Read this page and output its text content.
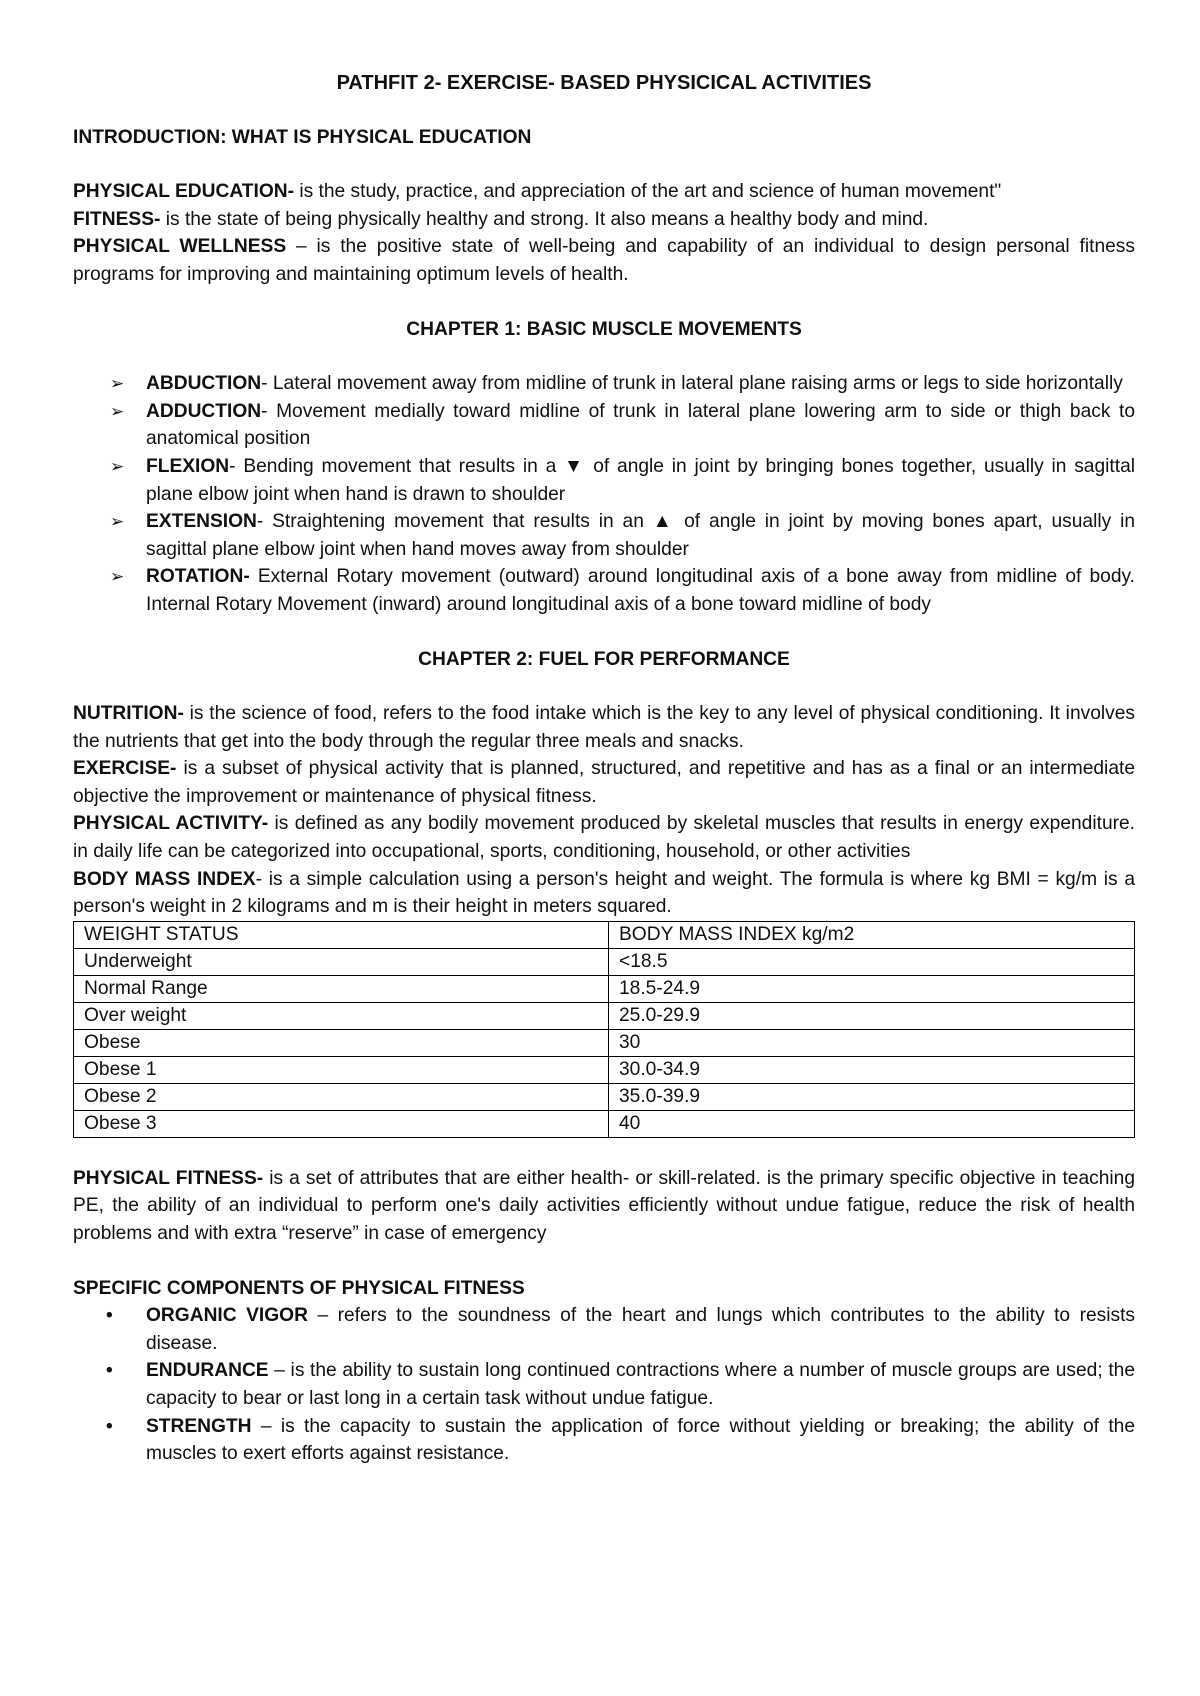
PATHFIT 2- EXERCISE- BASED PHYSICICAL ACTIVITIES
INTRODUCTION: WHAT IS PHYSICAL EDUCATION

PHYSICAL EDUCATION- is the study, practice, and appreciation of the art and science of human movement"

FITNESS- is the state of being physically healthy and strong. It also means a healthy body and mind.

PHYSICAL WELLNESS – is the positive state of well-being and capability of an individual to design personal fitness programs for improving and maintaining optimum levels of health.

CHAPTER 1: BASIC MUSCLE MOVEMENTS
➢ ABDUCTION- Lateral movement away from midline of trunk in lateral plane raising arms or legs to side horizontally
➢ ADDUCTION- Movement medially toward midline of trunk in lateral plane lowering arm to side or thigh back to anatomical position
➢ FLEXION- Bending movement that results in a ▼ of angle in joint by bringing bones together, usually in sagittal plane elbow joint when hand is drawn to shoulder
➢ EXTENSION- Straightening movement that results in an ▲ of angle in joint by moving bones apart, usually in sagittal plane elbow joint when hand moves away from shoulder
➢ ROTATION- External Rotary movement (outward) around longitudinal axis of a bone away from midline of body. Internal Rotary Movement (inward) around longitudinal axis of a bone toward midline of body
CHAPTER 2: FUEL FOR PERFORMANCE

NUTRITION- is the science of food, refers to the food intake which is the key to any level of physical conditioning. It involves the nutrients that get into the body through the regular three meals and snacks.

EXERCISE- is a subset of physical activity that is planned, structured, and repetitive and has as a final or an intermediate objective the improvement or maintenance of physical fitness.

PHYSICAL ACTIVITY- is defined as any bodily movement produced by skeletal muscles that results in energy expenditure. in daily life can be categorized into occupational, sports, conditioning, household, or other activities

BODY MASS INDEX- is a simple calculation using a person's height and weight. The formula is where kg BMI = kg/m is a person's weight in 2 kilograms and m is their height in meters squared.

WEIGHT STATUS	BODY MASS INDEX kg/m2
Underweight	<18.5
Normal Range	18.5-24.9
Over weight	25.0-29.9
Obese	30
Obese 1	30.0-34.9
Obese 2	35.0-39.9
Obese 3	40

PHYSICAL FITNESS- is a set of attributes that are either health- or skill-related. is the primary specific objective in teaching PE, the ability of an individual to perform one's daily activities efficiently without undue fatigue, reduce the risk of health problems and with extra “reserve” in case of emergency

SPECIFIC COMPONENTS OF PHYSICAL FITNESS
• ORGANIC VIGOR – refers to the soundness of the heart and lungs which contributes to the ability to resists disease.
• ENDURANCE – is the ability to sustain long continued contractions where a number of muscle groups are used; the capacity to bear or last long in a certain task without undue fatigue.
• STRENGTH – is the capacity to sustain the application of force without yielding or breaking; the ability of the muscles to exert efforts against resistance.
